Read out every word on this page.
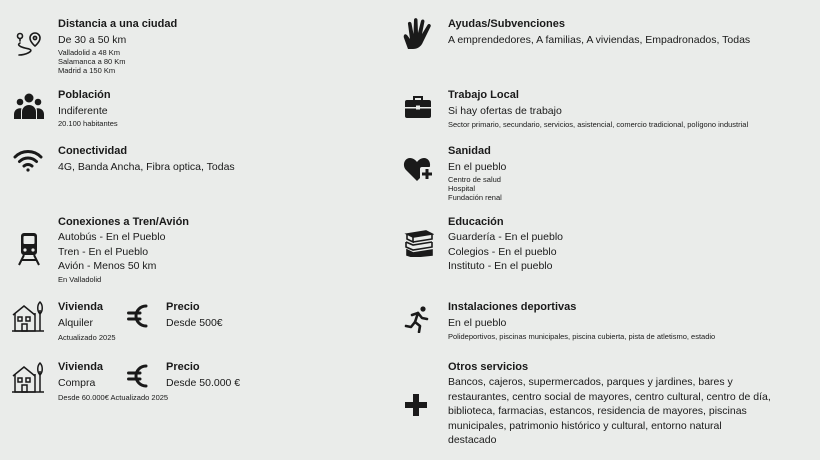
Distancia a una ciudad

De 30 a 50 km

Valladolid a 48 Km

Salamanca a 80 Km

Madrid a 150 Km

Población

Indiferente

20.100 habitantes

Conectividad

4G, Banda Ancha, Fibra optica, Todas

Conexiones a Tren/Avión

Autobús - En el Pueblo

Tren - En el Pueblo

Avión - Menos 50 km

En Valladolid

Vivienda

Alquiler

Actualizado 2025

Precio

Desde 500€

Vivienda

Compra

Desde 60.000€ Actualizado 2025

Precio

Desde 50.000 €

Ayudas/Subvenciones

A emprendedores, A familias, A viviendas, Empadronados, Todas

Trabajo Local

Si hay ofertas de trabajo

Sector primario, secundario, servicios, asistencial, comercio tradicional, polígono industrial

Sanidad

En el pueblo

Centro de salud

Hospital

Fundación renal

Educación

Guardería - En el pueblo

Colegios - En el pueblo

Instituto - En el pueblo

Instalaciones deportivas

En el pueblo

Polideportivos, piscinas municipales, piscina cubierta, pista de atletismo, estadio

Otros servicios

Bancos, cajeros, supermercados, parques y jardines, bares y

restaurantes, centro social de mayores, centro cultural, centro de día,

biblioteca, farmacias, estancos, residencia de mayores, piscinas

municipales, patrimonio histórico y cultural, entorno natural

destacado
